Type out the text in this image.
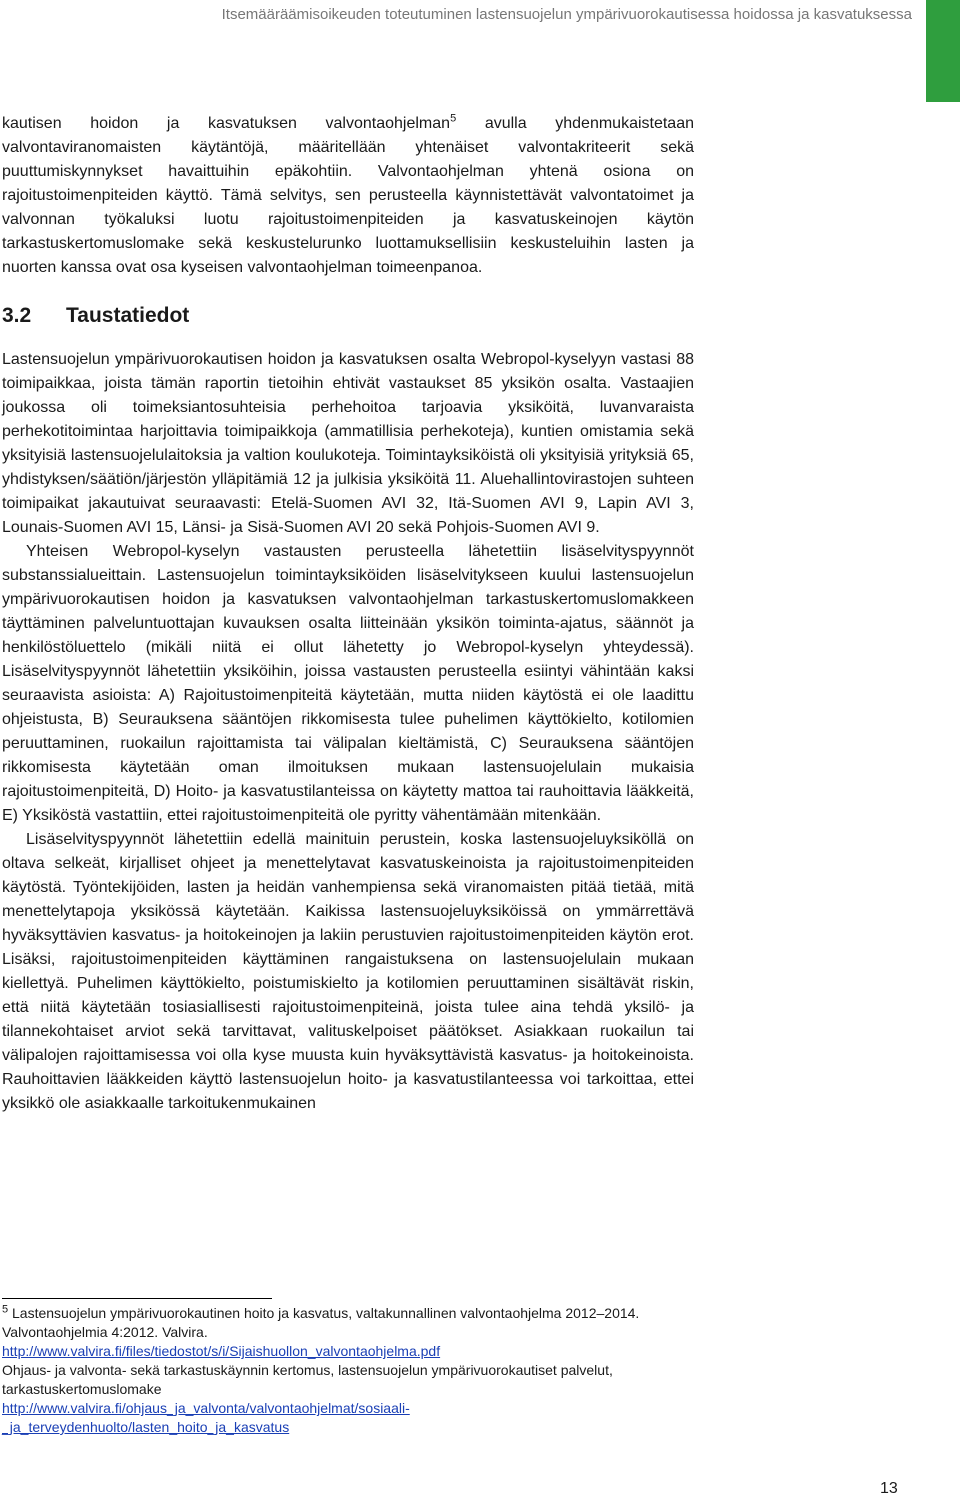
Itsemääräämisoikeuden toteutuminen lastensuojelun ympärivuorokautisessa hoidossa ja kasvatuksessa

kautisen hoidon ja kasvatuksen valvontaohjelman$^5$ avulla yhdenmukaistetaan valvontaviranomaisten käytäntöjä, määritellään yhtenäiset valvontakriteerit sekä puuttumiskynnykset havaittuihin epäkohtiin. Valvontaohjelman yhtenä osiona on rajoitustoimenpiteiden käyttö. Tämä selvitys, sen perusteella käynnistettävät valvontatoimet ja valvonnan työkaluksi luotu rajoitustoimenpiteiden ja kasvatuskeinojen käytön tarkastuskertomuslomake sekä keskustelurunko luottamuksellisiin keskusteluihin lasten ja nuorten kanssa ovat osa kyseisen valvontaohjelman toimeenpanoa.

3.2 Taustatiedot

Lastensuojelun ympärivuorokautisen hoidon ja kasvatuksen osalta Webropol-kyselyyn vastasi 88 toimipaikkaa, joista tämän raportin tietoihin ehtivät vastaukset 85 yksikön osalta. Vastaajien joukossa oli toimeksiantosuhteisia perhehoitoa tarjoavia yksiköitä, luvanvaraista perhekotitoimintaa harjoittavia toimipaikkoja (ammatillisia perhekoteja), kuntien omistamia sekä yksityisiä lastensuojelulaitoksia ja valtion koulukoteja. Toimintayksiköistä oli yksityisiä yrityksiä 65, yhdistyksen/säätiön/järjestön ylläpitämiä 12 ja julkisia yksiköitä 11. Aluehallintovirastojen suhteen toimipaikat jakautuivat seuraavasti: Etelä-Suomen AVI 32, Itä-Suomen AVI 9, Lapin AVI 3, Lounais-Suomen AVI 15, Länsi- ja Sisä-Suomen AVI 20 sekä Pohjois-Suomen AVI 9.

Yhteisen Webropol-kyselyn vastausten perusteella lähetettiin lisäselvityspyynnöt substanssialueittain. Lastensuojelun toimintayksiköiden lisäselvitykseen kuului lastensuojelun ympärivuorokautisen hoidon ja kasvatuksen valvontaohjelman tarkastuskertomuslomakkeen täyttäminen palveluntuottajan kuvauksen osalta liitteinään yksikön toiminta-ajatus, säännöt ja henkilöstöluettelo (mikäli niitä ei ollut lähetetty jo Webropol-kyselyn yhteydessä). Lisäselvityspyynnöt lähetettiin yksiköihin, joissa vastausten perusteella esiintyi vähintään kaksi seuraavista asioista: A) Rajoitustoimenpiteitä käytetään, mutta niiden käytöstä ei ole laadittu ohjeistusta, B) Seurauksena sääntöjen rikkomisesta tulee puhelimen käyttökielto, kotilomien peruuttaminen, ruokailun rajoittamista tai välipalan kieltämistä, C) Seurauksena sääntöjen rikkomisesta käytetään oman ilmoituksen mukaan lastensuojelulain mukaisia rajoitustoimenpiteitä, D) Hoito- ja kasvatustilanteissa on käytetty mattoa tai rauhoittavia lääkkeitä, E) Yksiköstä vastattiin, ettei rajoitustoimenpiteitä ole pyritty vähentämään mitenkään.

Lisäselvityspyynnöt lähetettiin edellä mainituin perustein, koska lastensuojeluyksiköllä on oltava selkeät, kirjalliset ohjeet ja menettelytavat kasvatuskeinoista ja rajoitustoimenpiteiden käytöstä. Työntekijöiden, lasten ja heidän vanhempiensa sekä viranomaisten pitää tietää, mitä menettelytapoja yksikössä käytetään. Kaikissa lastensuojeluyksiköissä on ymmärrettävä hyväksyttävien kasvatus- ja hoitokeinojen ja lakiin perustuvien rajoitustoimenpiteiden käytön erot. Lisäksi, rajoitustoimenpiteiden käyttäminen rangaistuksena on lastensuojelulain mukaan kiellettyä. Puhelimen käyttökielto, poistumiskielto ja kotilomien peruuttaminen sisältävät riskin, että niitä käytetään tosiasiallisesti rajoitustoimenpiteinä, joista tulee aina tehdä yksilö- ja tilannekohtaiset arviot sekä tarvittavat, valituskelpoiset päätökset. Asiakkaan ruokailun tai välipalojen rajoittamisessa voi olla kyse muusta kuin hyväksyttävistä kasvatus- ja hoitokeinoista. Rauhoittavien lääkkeiden käyttö lastensuojelun hoito- ja kasvatustilanteessa voi tarkoittaa, ettei yksikkö ole asiakkaalle tarkoitukenmukainen

$^5$ Lastensuojelun ympärivuorokautinen hoito ja kasvatus, valtakunnallinen valvontaohjelma 2012–2014. Valvontaohjelmia 4:2012. Valvira.
http://www.valvira.fi/files/tiedostot/s/i/Sijaishuollon_valvontaohjelma.pdf
Ohjaus- ja valvonta- sekä tarkastuskäynnin kertomus, lastensuojelun ympärivuorokautiset palvelut, tarkastuskertomuslomake
http://www.valvira.fi/ohjaus_ja_valvonta/valvontaohjelmat/sosiaali-
_ja_terveydenhuolto/lasten_hoito_ja_kasvatus
13
